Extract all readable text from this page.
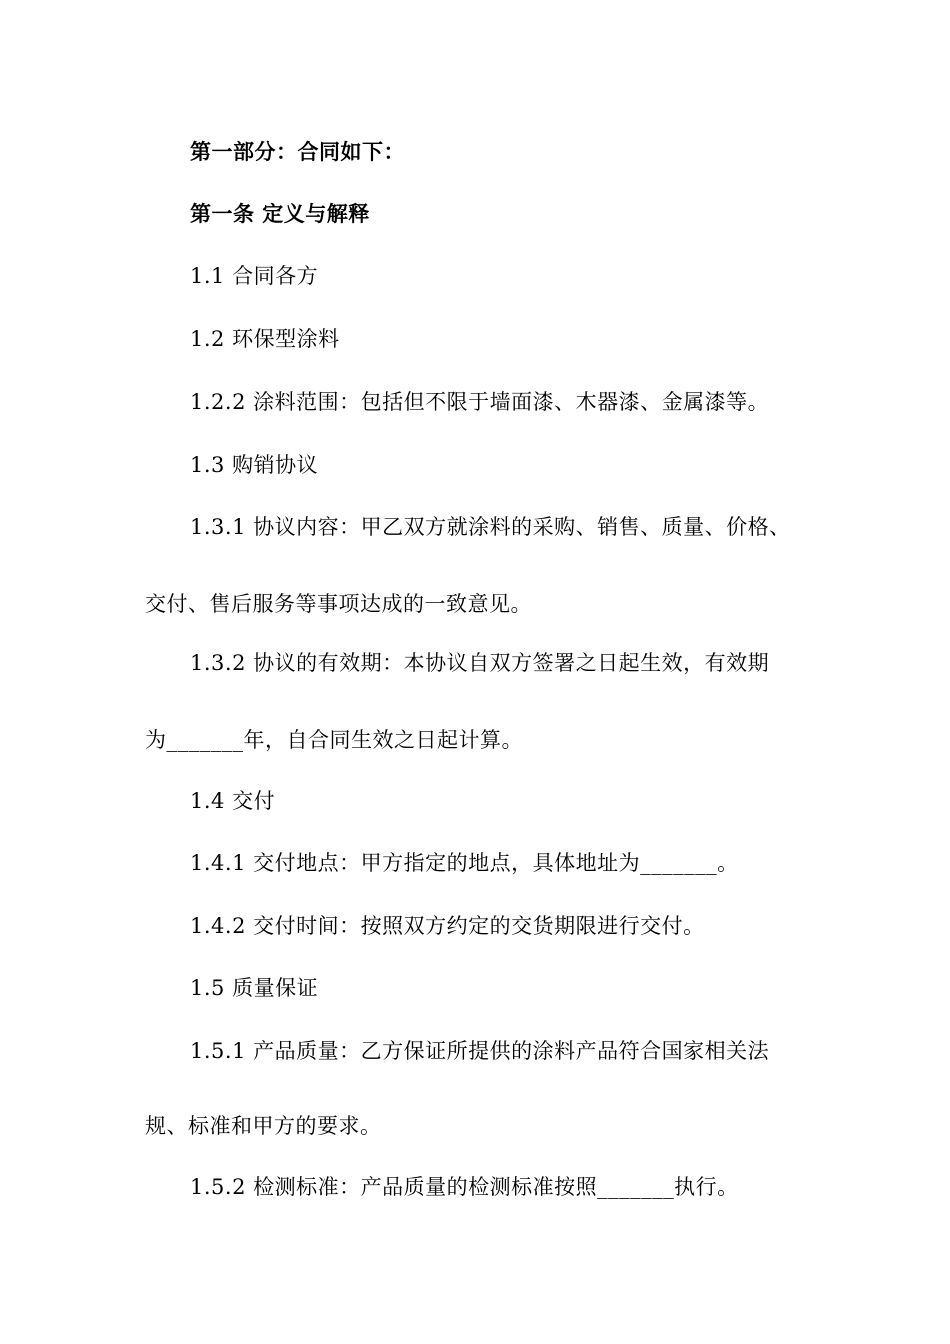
第一部分：合同如下：
第一条 定义与解释
1.1 合同各方
1.2 环保型涂料
1.2.2 涂料范围：包括但不限于墙面漆、木器漆、金属漆等。
1.3 购销协议
1.3.1 协议内容：甲乙双方就涂料的采购、销售、质量、价格、
交付、售后服务等事项达成的一致意见。
1.3.2 协议的有效期：本协议自双方签署之日起生效，有效期
为_______年，自合同生效之日起计算。
1.4 交付
1.4.1 交付地点：甲方指定的地点，具体地址为_______。
1.4.2 交付时间：按照双方约定的交货期限进行交付。
1.5 质量保证
1.5.1 产品质量：乙方保证所提供的涂料产品符合国家相关法
规、标准和甲方的要求。
1.5.2 检测标准：产品质量的检测标准按照_______执行。
